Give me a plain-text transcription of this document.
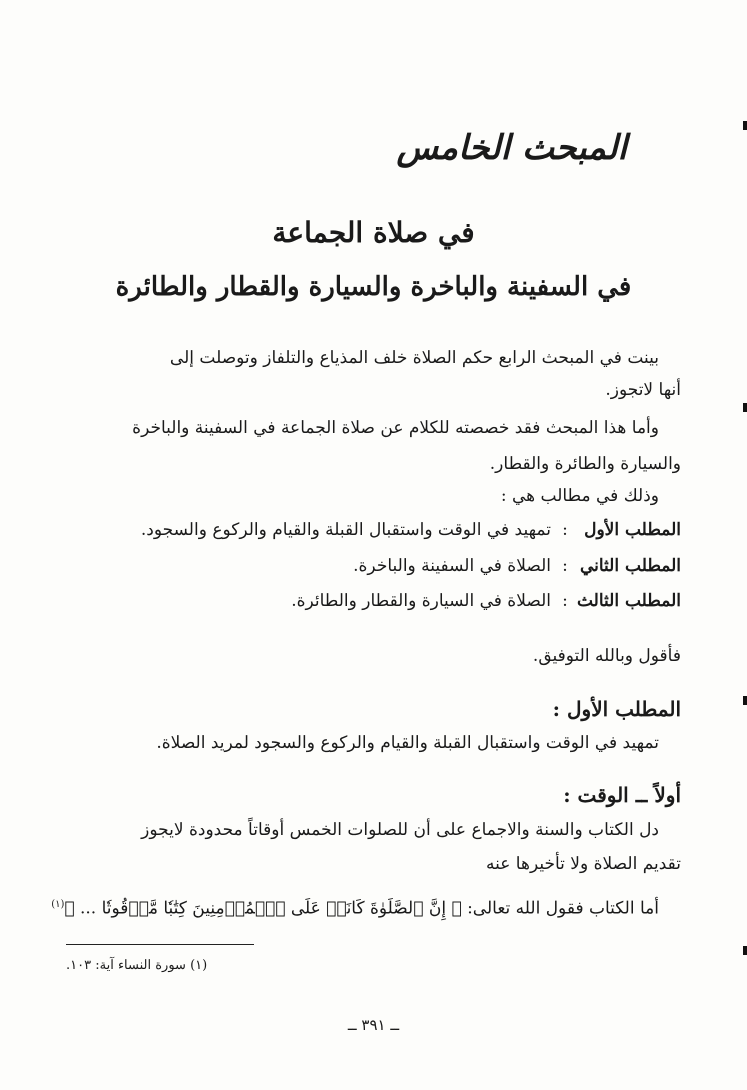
المبحث الخامس
في صلاة الجماعة
في السفينة والباخرة والسيارة والقطار والطائرة
بينت في المبحث الرابع حكم الصلاة خلف المذياع والتلفاز وتوصلت إلى
أنها لاتجوز.
وأما هذا المبحث فقد خصصته للكلام عن صلاة الجماعة في السفينة والباخرة
والسيارة والطائرة والقطار.
وذلك في مطالب هي :
المطلب الأول:تمهيد في الوقت واستقبال القبلة والقيام والركوع والسجود.
المطلب الثاني:الصلاة في السفينة والباخرة.
المطلب الثالث:الصلاة في السيارة والقطار والطائرة.
فأقول وبالله التوفيق.
المطلب الأول :
تمهيد في الوقت واستقبال القبلة والقيام والركوع والسجود لمريد الصلاة.
أولاً ــ الوقت :
دل الكتاب والسنة والاجماع على أن للصلوات الخمس أوقاتاً محدودة لايجوز
تقديم الصلاة ولا تأخيرها عنه
أما الكتاب فقول الله تعالى: ﴿ إِنَّ ٱلصَّلَوٰةَ كَانَتۡ عَلَى ٱلۡمُؤۡمِنِينَ كِتَٰبٗا مَّوۡقُوتٗا ... ﴾$^{(١)}$
(١) سورة النساء آية: ١٠٣.
ــ ٣٩١ ــ
